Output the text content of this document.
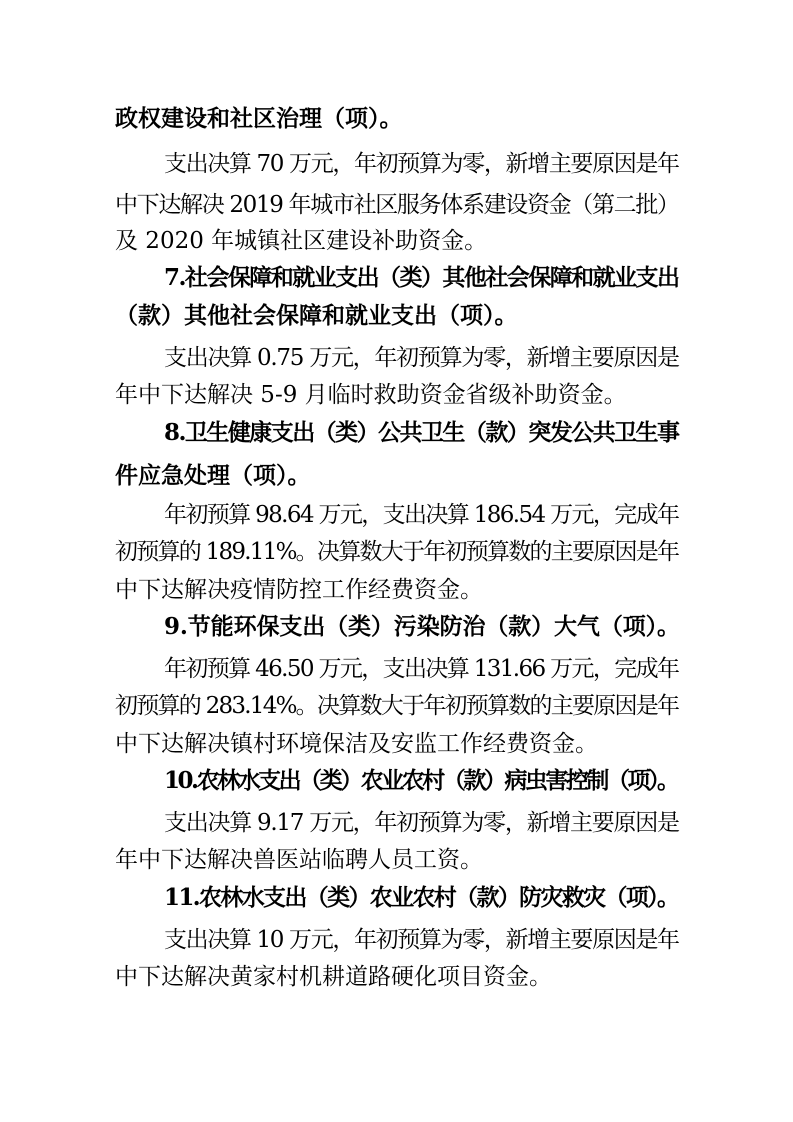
政权建设和社区治理（项）。
支出决算 70 万元，年初预算为零，新增主要原因是年
中下达解决 2019 年城市社区服务体系建设资金（第二批）
及 2020 年城镇社区建设补助资金。
7.社会保障和就业支出（类）其他社会保障和就业支出
（款）其他社会保障和就业支出（项）。
支出决算 0.75 万元，年初预算为零，新增主要原因是
年中下达解决 5-9 月临时救助资金省级补助资金。
8.卫生健康支出（类）公共卫生（款）突发公共卫生事
件应急处理（项）。
年初预算 98.64 万元，支出决算 186.54 万元，完成年
初预算的 189.11%。决算数大于年初预算数的主要原因是年
中下达解决疫情防控工作经费资金。
9.节能环保支出（类）污染防治（款）大气（项）。
年初预算 46.50 万元，支出决算 131.66 万元，完成年
初预算的 283.14%。决算数大于年初预算数的主要原因是年
中下达解决镇村环境保洁及安监工作经费资金。
10.农林水支出（类）农业农村（款）病虫害控制（项）。
支出决算 9.17 万元，年初预算为零，新增主要原因是
年中下达解决兽医站临聘人员工资。
11.农林水支出（类）农业农村（款）防灾救灾（项）。
支出决算 10 万元，年初预算为零，新增主要原因是年
中下达解决黄家村机耕道路硬化项目资金。
